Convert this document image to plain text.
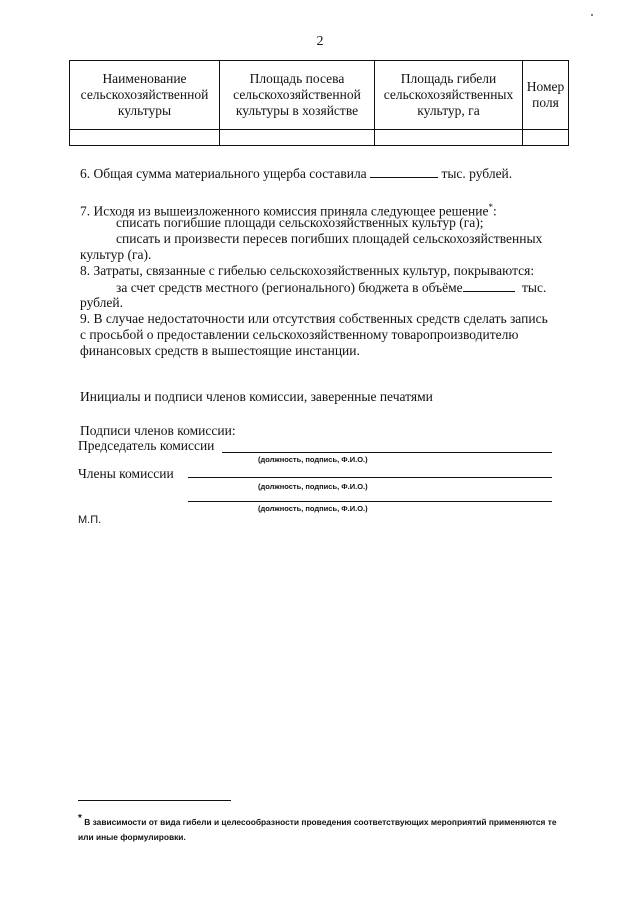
2
Наименование сельскохозяйственной культуры	Площадь посева сельскохозяйственной культуры в хозяйстве	Площадь гибели сельскохозяйственных культур, га	Номер поля

6. Общая сумма материального ущерба составила	тыс. рублей.
7. Исходя из вышеизложенного комиссия приняла следующее решение*:
списать погибшие площади сельскохозяйственных культур (га);
списать и произвести пересев погибших площадей сельскохозяйственных
культур (га).
8. Затраты, связанные с гибелью сельскохозяйственных культур, покрываются:
за счет средств местного (регионального) бюджета в объёме	тыс.
рублей.
9. В случае недостаточности или отсутствия собственных средств сделать запись
с просьбой о предоставлении сельскохозяйственному товаропроизводителю
финансовых средств в вышестоящие инстанции.
Инициалы и подписи членов комиссии, заверенные печатями
Подписи членов комиссии:
Председатель комиссии
(должность, подпись, Ф.И.О.)
Члены комиссии
(должность, подпись, Ф.И.О.)
(должность, подпись, Ф.И.О.)
М.П.
* В зависимости от вида гибели и целесообразности проведения соответствующих мероприятий применяются те или иные формулировки.
